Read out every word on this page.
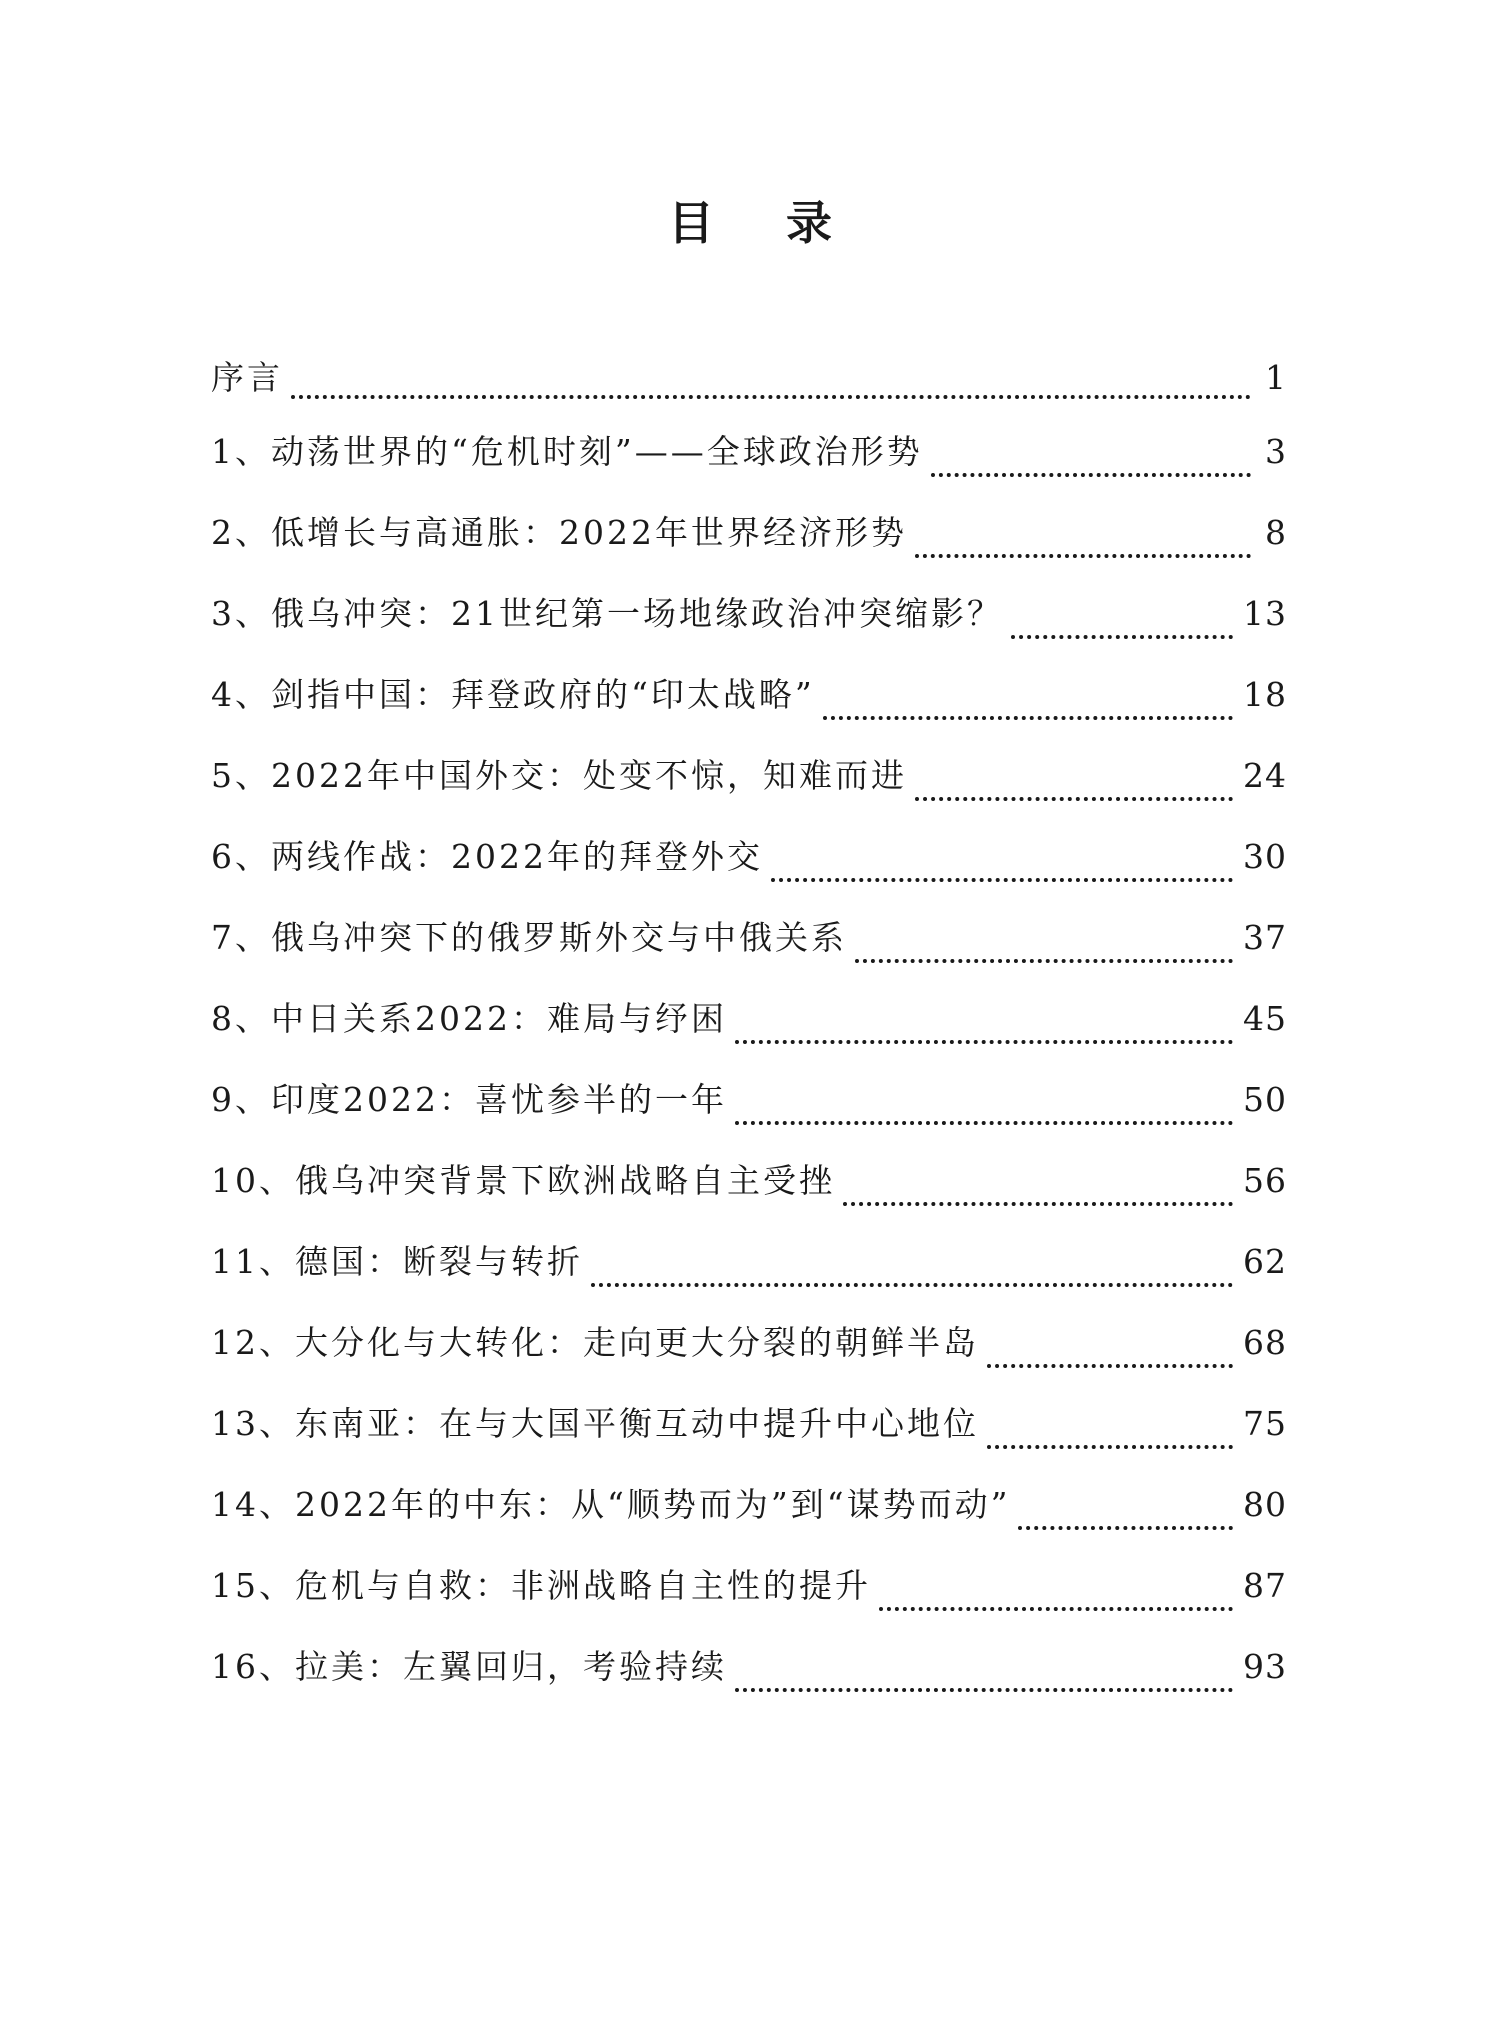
目 录
序言	1
1、动荡世界的“危机时刻”——全球政治形势	3
2、低增长与高通胀：2022年世界经济形势	8
3、俄乌冲突：21世纪第一场地缘政治冲突缩影？	13
4、剑指中国：拜登政府的“印太战略”	18
5、2022年中国外交：处变不惊，知难而进	24
6、两线作战：2022年的拜登外交	30
7、俄乌冲突下的俄罗斯外交与中俄关系	37
8、中日关系2022：难局与纾困	45
9、印度2022：喜忧参半的一年	50
10、俄乌冲突背景下欧洲战略自主受挫	56
11、德国：断裂与转折	62
12、大分化与大转化：走向更大分裂的朝鲜半岛	68
13、东南亚：在与大国平衡互动中提升中心地位	75
14、2022年的中东：从“顺势而为”到“谋势而动”	80
15、危机与自救：非洲战略自主性的提升	87
16、拉美：左翼回归，考验持续	93
